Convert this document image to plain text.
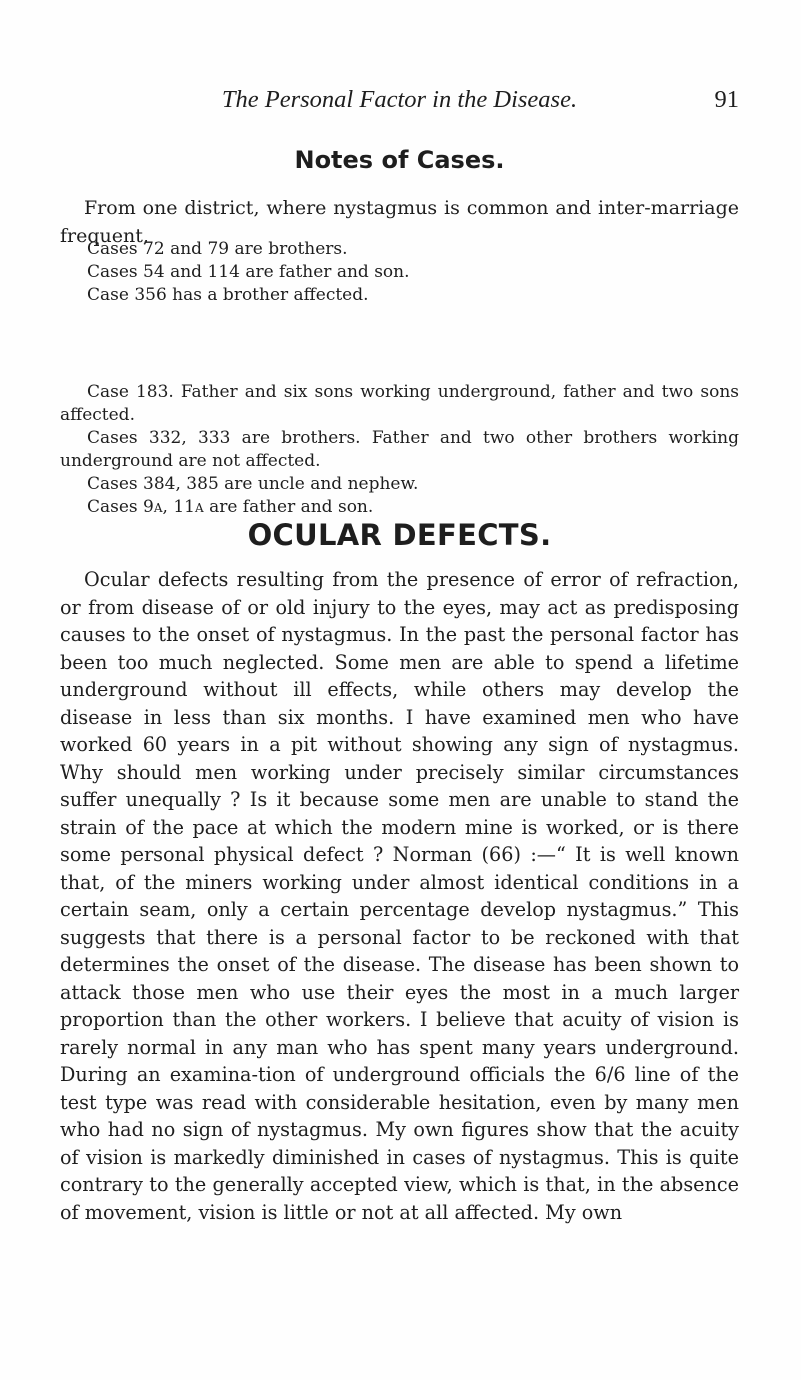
The Personal Factor in the Disease.	91
Notes of Cases.

From one district, where nystagmus is common and inter-marriage frequent,

Cases 72 and 79 are brothers.
Cases 54 and 114 are father and son.
Case 356 has a brother affected.
Case 183. Father and six sons working underground, father and two sons affected.
Cases 332, 333 are brothers. Father and two other brothers working underground are not affected.
Cases 384, 385 are uncle and nephew.
Cases 9a, 11a are father and son.
OCULAR DEFECTS.

Ocular defects resulting from the presence of error of refraction, or from disease of or old injury to the eyes, may act as predisposing causes to the onset of nystagmus. In the past the personal factor has been too much neglected. Some men are able to spend a lifetime underground without ill effects, while others may develop the disease in less than six months. I have examined men who have worked 60 years in a pit without showing any sign of nystagmus. Why should men working under precisely similar circumstances suffer unequally ? Is it because some men are unable to stand the strain of the pace at which the modern mine is worked, or is there some personal physical defect ? Norman (66) :—“ It is well known that, of the miners working under almost identical conditions in a certain seam, only a certain percentage develop nystagmus.” This suggests that there is a personal factor to be reckoned with that determines the onset of the disease. The disease has been shown to attack those men who use their eyes the most in a much larger proportion than the other workers. I believe that acuity of vision is rarely normal in any man who has spent many years underground. During an examina-tion of underground officials the 6/6 line of the test type was read with considerable hesitation, even by many men who had no sign of nystagmus. My own figures show that the acuity of vision is markedly diminished in cases of nystagmus. This is quite contrary to the generally accepted view, which is that, in the absence of movement, vision is little or not at all affected. My own
